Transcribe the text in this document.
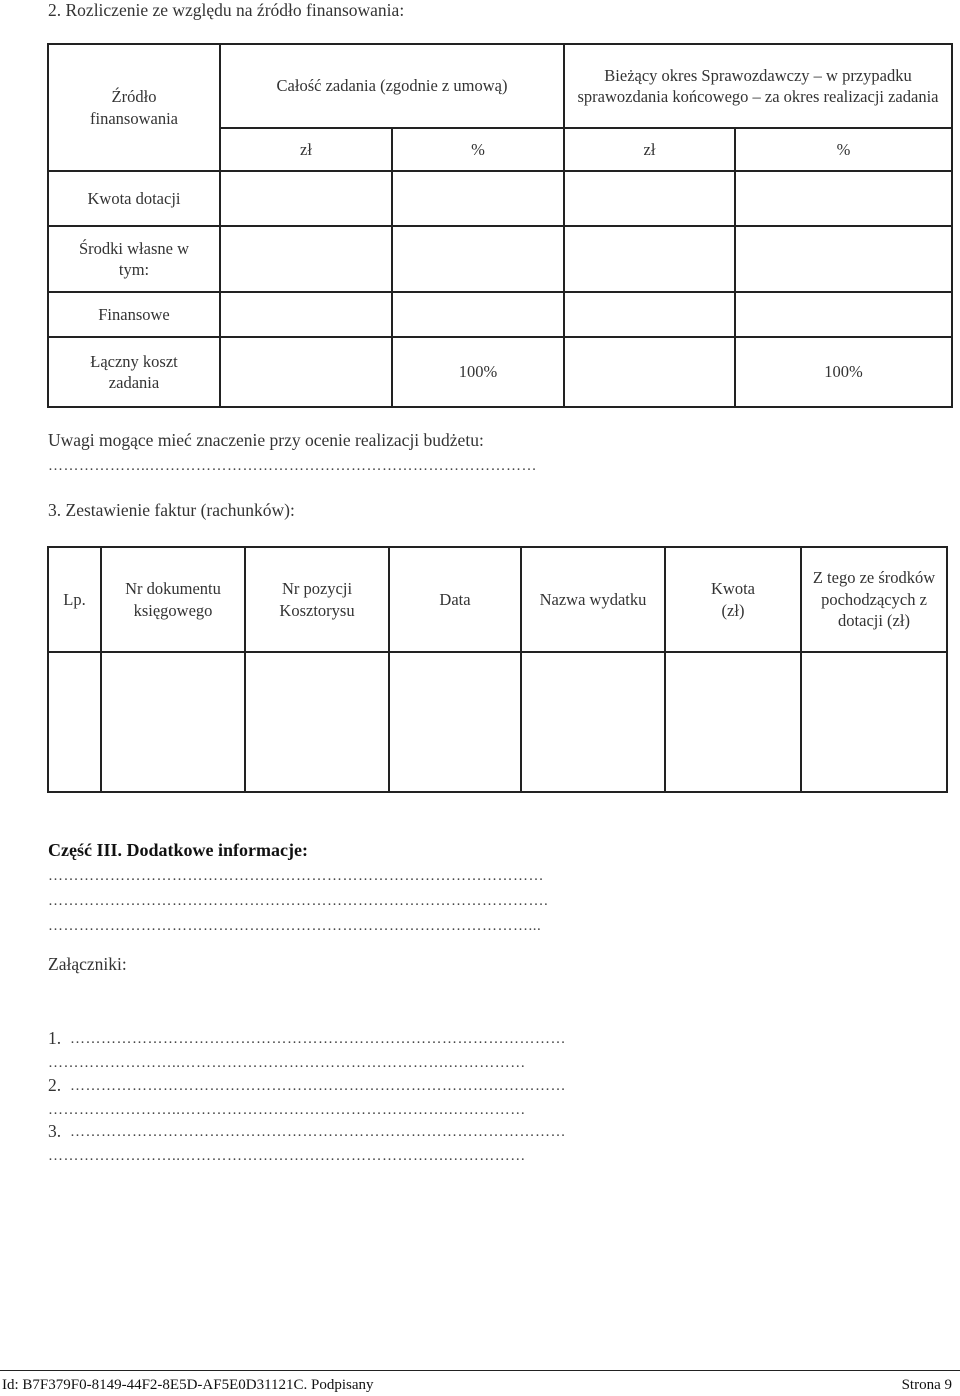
2. Rozliczenie ze względu na źródło finansowania:
Źródło finansowania	Całość zadania (zgodnie z umową)		Bieżący okres Sprawozdawczy – w przypadku sprawozdania końcowego – za okres realizacji zadania	

	zł	%	zł	%
Kwota dotacji				

Środki własne w tym:				

Finansowe				

Łączny koszt zadania		100%		100%
Uwagi mogące mieć znaczenie przy ocenie realizacji budżetu:
………………..…………………………………………………………………
3. Zestawienie faktur (rachunków):
Lp.	Nr dokumentu księgowego	Nr pozycji Kosztorysu	Data	Nazwa wydatku	Kwota (zł)	Z tego ze środków pochodzących z dotacji (zł)

Część III. Dodatkowe informacje:
……………………………………………………………………………………
…………………………………………………………………………………….
…………………………………………………………………………………...
Załączniki:
1. ……………………………………………………………………………………
……………………..…………………………………………….……………
2. ……………………………………………………………………………………
……………………..…………………………………………….……………
3. ……………………………………………………………………………………
……………………..…………………………………………….……………
Id: B7F379F0-8149-44F2-8E5D-AF5E0D31121C. Podpisany	Strona 9
